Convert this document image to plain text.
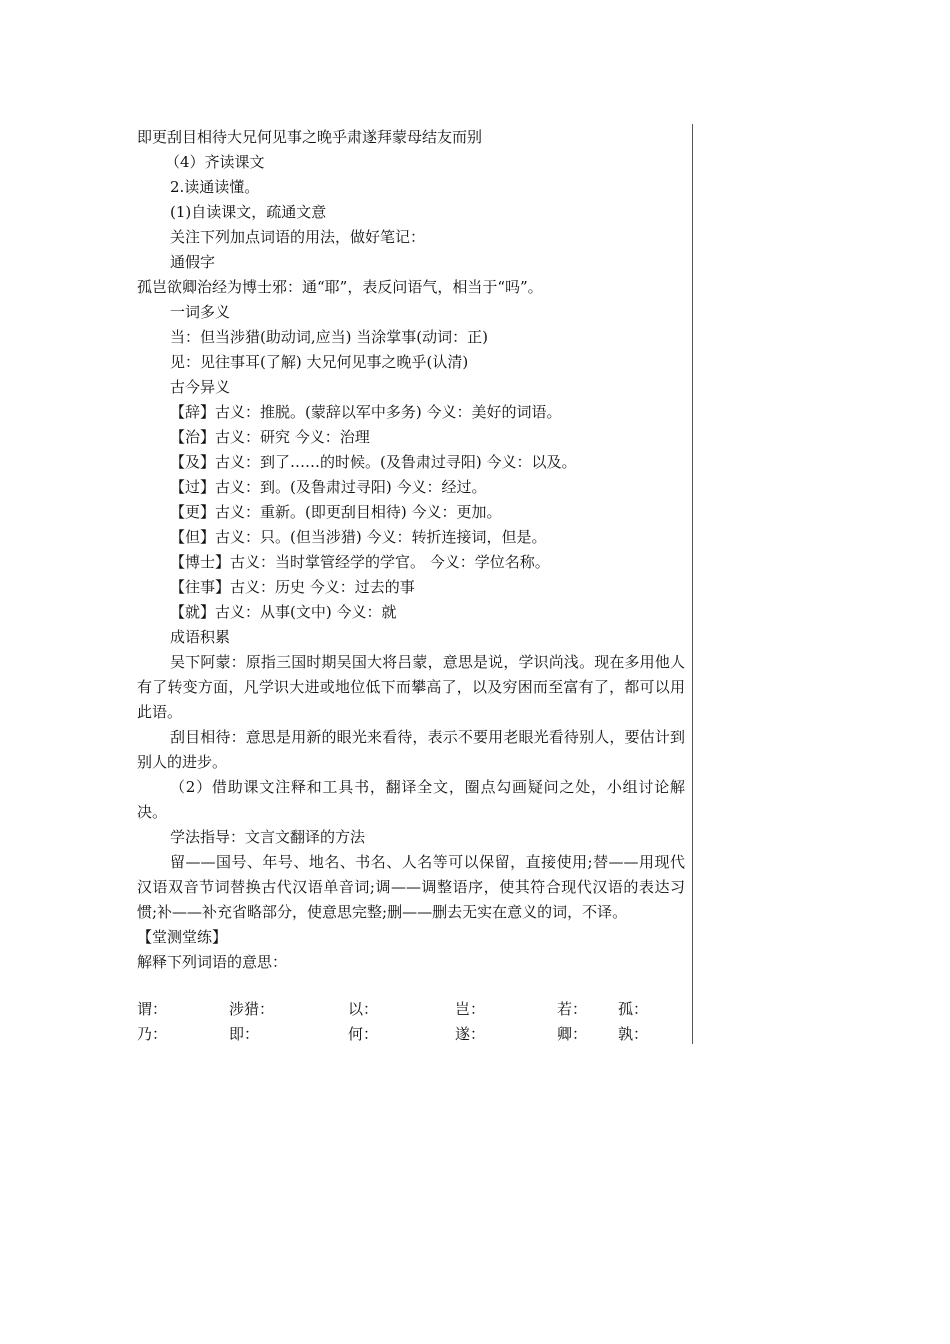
即更刮目相待大兄何见事之晚乎肃遂拜蒙母结友而别
（4）齐读课文
2.读通读懂。
(1)自读课文，疏通文意
关注下列加点词语的用法，做好笔记：
通假字
孤岂欲卿治经为博士邪：通“耶”，表反问语气，相当于“吗”。
一词多义
当：但当涉猎(助动词,应当) 当涂掌事(动词：正)
见：见往事耳(了解) 大兄何见事之晚乎(认清)
古今异义
【辞】古义：推脱。(蒙辞以军中多务) 今义：美好的词语。
【治】古义：研究 今义：治理
【及】古义：到了……的时候。(及鲁肃过寻阳) 今义：以及。
【过】古义：到。(及鲁肃过寻阳) 今义：经过。
【更】古义：重新。(即更刮目相待) 今义：更加。
【但】古义：只。(但当涉猎) 今义：转折连接词，但是。
【博士】古义：当时掌管经学的学官。 今义：学位名称。
【往事】古义：历史 今义：过去的事
【就】古义：从事(文中) 今义：就
成语积累
吴下阿蒙：原指三国时期吴国大将吕蒙，意思是说，学识尚浅。现在多用他人有了转变方面，凡学识大进或地位低下而攀高了，以及穷困而至富有了，都可以用此语。
刮目相待：意思是用新的眼光来看待，表示不要用老眼光看待别人，要估计到别人的进步。
（2）借助课文注释和工具书，翻译全文，圈点勾画疑问之处，小组讨论解决。
学法指导：文言文翻译的方法
留——国号、年号、地名、书名、人名等可以保留，直接使用;替——用现代汉语双音节词替换古代汉语单音词;调——调整语序，使其符合现代汉语的表达习惯;补——补充省略部分，使意思完整;删——删去无实在意义的词，不译。
【堂测堂练】
解释下列词语的意思：
谓：	涉猎：	以：	岂：	若： 孤：
乃：	即：	何：	遂：	卿： 孰：
